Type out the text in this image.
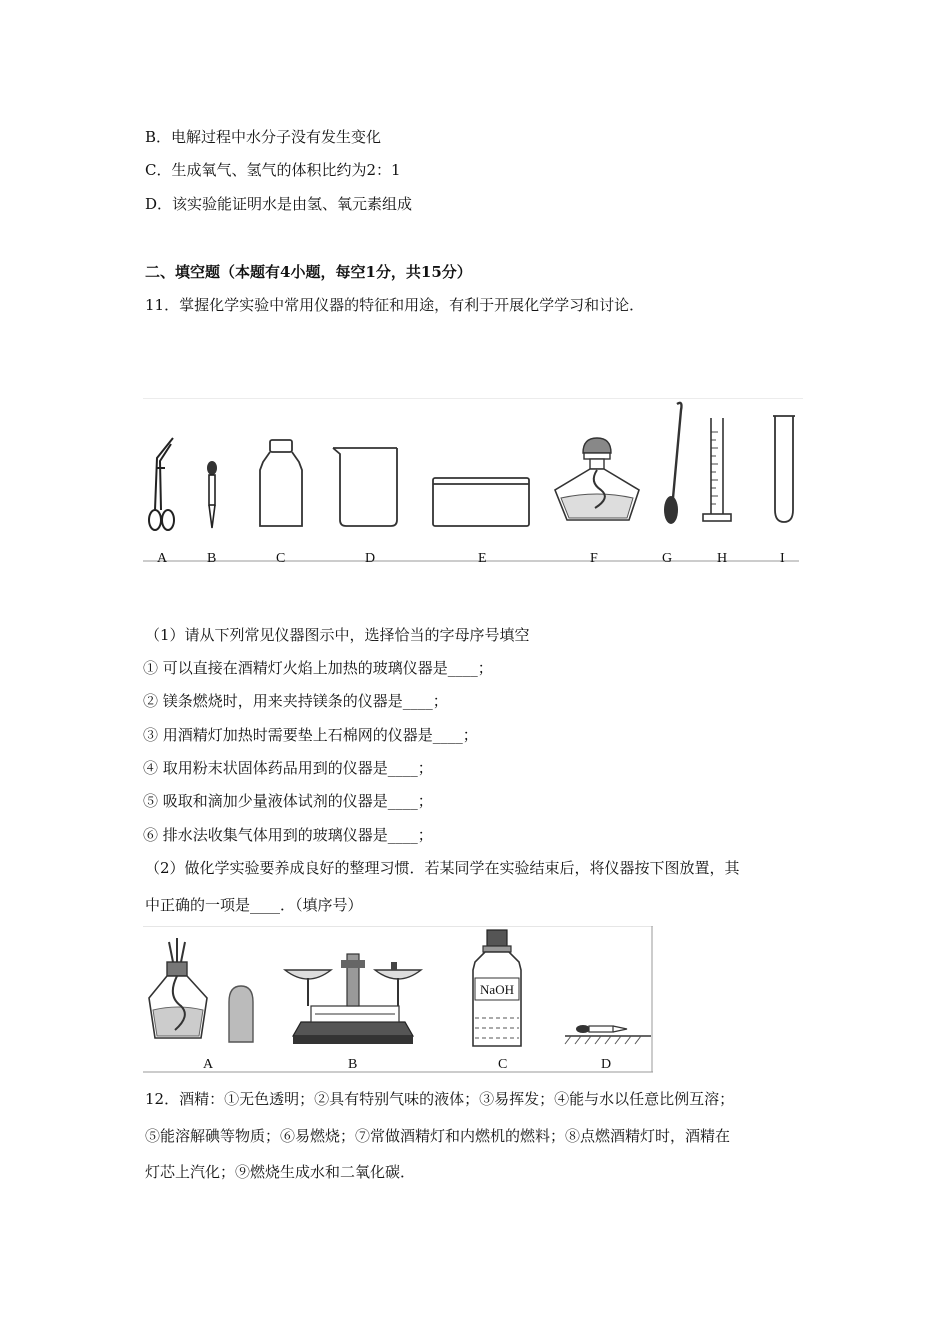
B．电解过程中水分子没有发生变化
C．生成氧气、氢气的体积比约为2：1
D．该实验能证明水是由氢、氧元素组成
二、填空题（本题有4小题，每空1分，共15分）
11．掌握化学实验中常用仪器的特征和用途，有利于开展化学学习和讨论．
A	B	C	D	E	F	G	H	I
（1）请从下列常见仪器图示中，选择恰当的字母序号填空
① 可以直接在酒精灯火焰上加热的玻璃仪器是____；
② 镁条燃烧时，用来夹持镁条的仪器是____；
③ 用酒精灯加热时需要垫上石棉网的仪器是____；
④ 取用粉末状固体药品用到的仪器是____；
⑤ 吸取和滴加少量液体试剂的仪器是____；
⑥ 排水法收集气体用到的玻璃仪器是____；
（2）做化学实验要养成良好的整理习惯．若某同学在实验结束后，将仪器按下图放置，其
中正确的一项是____．（填序号）
NaOH
A	B	C	D
12．酒精：①无色透明；②具有特别气味的液体；③易挥发；④能与水以任意比例互溶；
⑤能溶解碘等物质；⑥易燃烧；⑦常做酒精灯和内燃机的燃料；⑧点燃酒精灯时，酒精在
灯芯上汽化；⑨燃烧生成水和二氧化碳．
